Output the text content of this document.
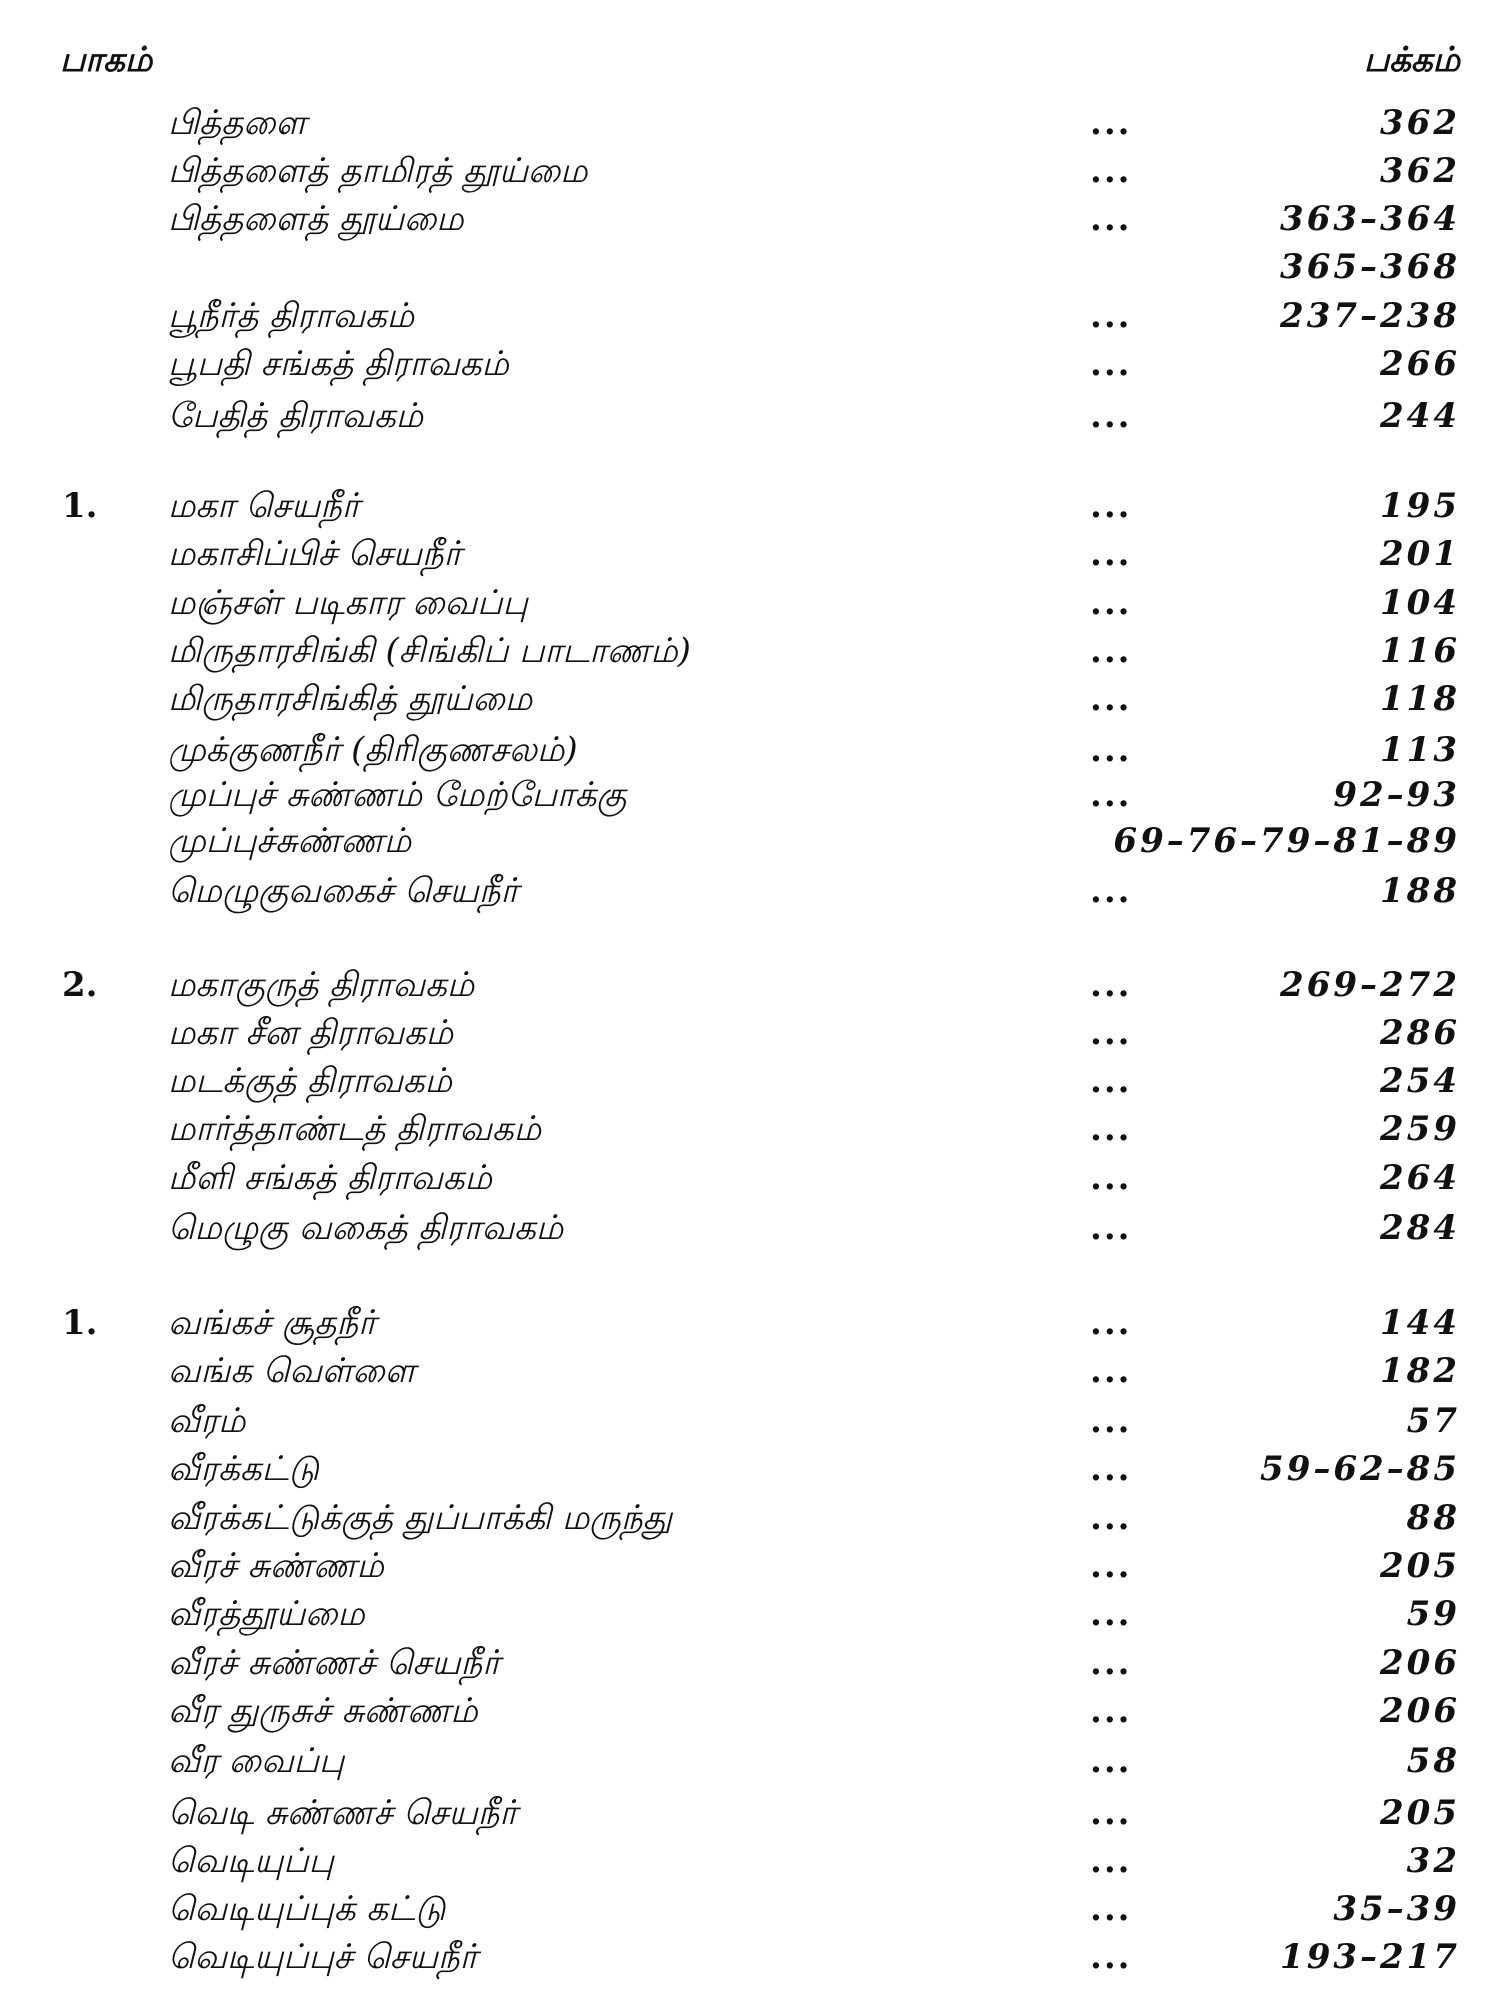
பாகம்	பக்கம்
பித்தளை	...	362
பித்தளைத் தாமிரத் தூய்மை	...	362
பித்தளைத் தூய்மை	...	363–364
365–368
பூநீர்த் திராவகம்	...	237–238
பூபதி சங்கத் திராவகம்	...	266
பேதித் திராவகம்	...	244
1. மகா செயநீர்	...	195
மகாசிப்பிச் செயநீர்	...	201
மஞ்சள் படிகார வைப்பு	...	104
மிருதாரசிங்கி (சிங்கிப் பாடாணம்)	...	116
மிருதாரசிங்கித் தூய்மை	...	118
முக்குணநீர் (திரிகுணசலம்)	...	113
முப்புச் சுண்ணம் மேற்போக்கு	...	92–93
முப்புச்சுண்ணம்	69–76–79–81–89
மெழுகுவகைச் செயநீர்	...	188
2. மகாகுருத் திராவகம்	...	269–272
மகா சீன திராவகம்	...	286
மடக்குத் திராவகம்	...	254
மார்த்தாண்டத் திராவகம்	...	259
மீளி சங்கத் திராவகம்	...	264
மெழுகு வகைத் திராவகம்	...	284
1. வங்கச் சூதநீர்	...	144
வங்க வெள்ளை	...	182
வீரம்	...	57
வீரக்கட்டு	...	59–62–85
வீரக்கட்டுக்குத் துப்பாக்கி மருந்து	...	88
வீரச் சுண்ணம்	...	205
வீரத்தூய்மை	...	59
வீரச் சுண்ணச் செயநீர்	...	206
வீர துருசுச் சுண்ணம்	...	206
வீர வைப்பு	...	58
வெடி சுண்ணச் செயநீர்	...	205
வெடியுப்பு	...	32
வெடியுப்புக் கட்டு	...	35–39
வெடியுப்புச் செயநீர்	...	193–217
